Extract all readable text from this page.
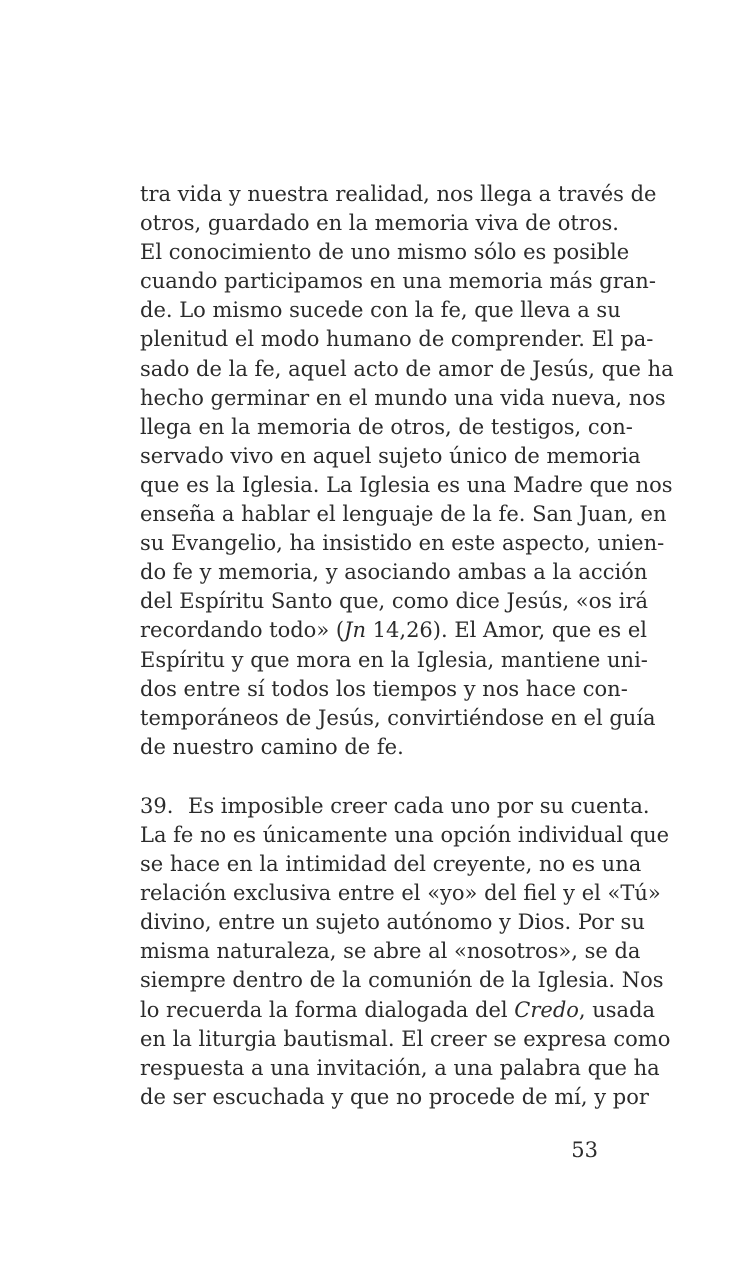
tra vida y nuestra realidad, nos llega a través de
otros, guardado en la memoria viva de otros.
El conocimiento de uno mismo sólo es posible
cuando participamos en una memoria más gran-
de. Lo mismo sucede con la fe, que lleva a su
plenitud el modo humano de comprender. El pa-
sado de la fe, aquel acto de amor de Jesús, que ha
hecho germinar en el mundo una vida nueva, nos
llega en la memoria de otros, de testigos, con-
servado vivo en aquel sujeto único de memoria
que es la Iglesia. La Iglesia es una Madre que nos
enseña a hablar el lenguaje de la fe. San Juan, en
su Evangelio, ha insistido en este aspecto, unien-
do fe y memoria, y asociando ambas a la acción
del Espíritu Santo que, como dice Jesús, «os irá
recordando todo» (Jn 14,26). El Amor, que es el
Espíritu y que mora en la Iglesia, mantiene uni-
dos entre sí todos los tiempos y nos hace con-
temporáneos de Jesús, convirtiéndose en el guía
de nuestro camino de fe.

39. Es imposible creer cada uno por su cuenta.
La fe no es únicamente una opción individual que
se hace en la intimidad del creyente, no es una
relación exclusiva entre el «yo» del fiel y el «Tú»
divino, entre un sujeto autónomo y Dios. Por su
misma naturaleza, se abre al «nosotros», se da
siempre dentro de la comunión de la Iglesia. Nos
lo recuerda la forma dialogada del Credo, usada
en la liturgia bautismal. El creer se expresa como
respuesta a una invitación, a una palabra que ha
de ser escuchada y que no procede de mí, y por

53
